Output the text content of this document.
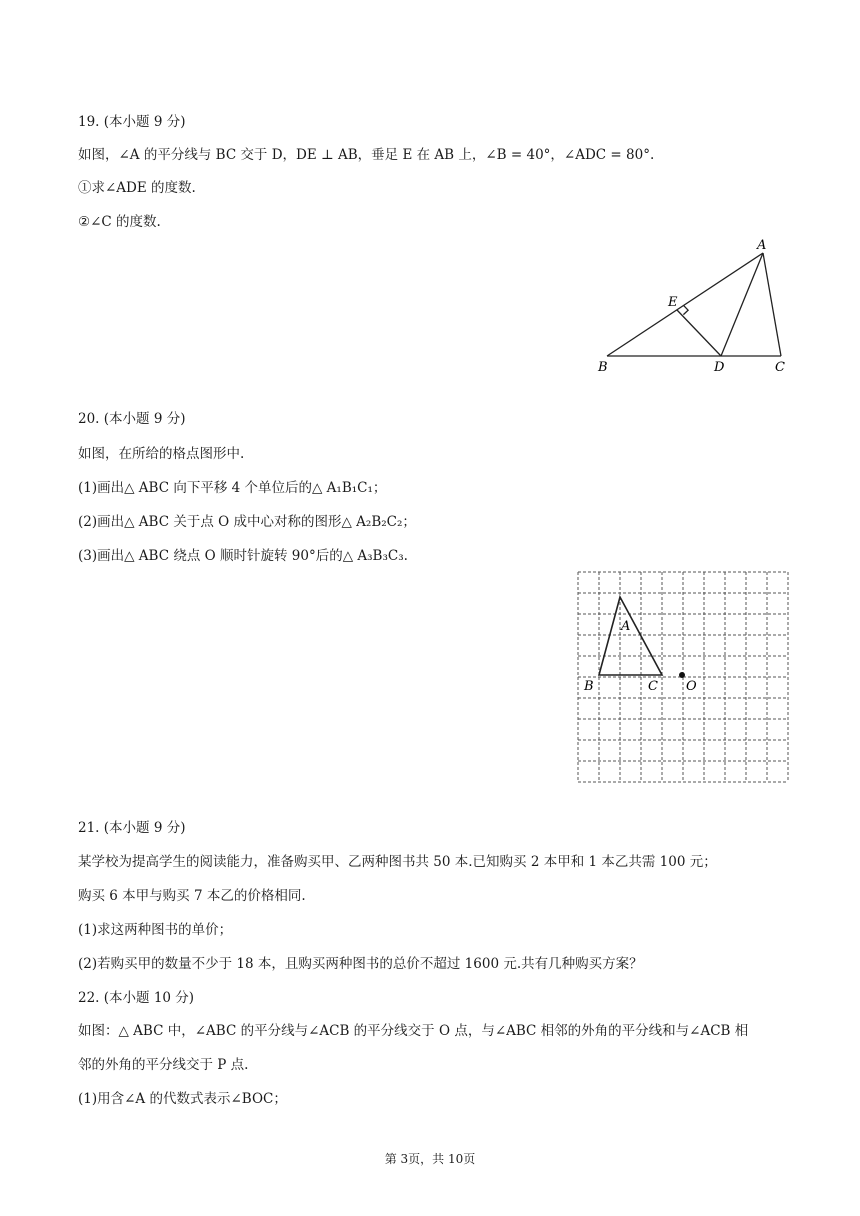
19. (本小题 9 分)
如图，∠A 的平分线与 BC 交于 D，DE ⊥ AB，垂足 E 在 AB 上，∠B = 40°，∠ADC = 80°.
①求∠ADE 的度数.
②∠C 的度数.
A
E
B	D	C
20. (本小题 9 分)
如图，在所给的格点图形中.
(1)画出△ ABC 向下平移 4 个单位后的△ A₁B₁C₁；
(2)画出△ ABC 关于点 O 成中心对称的图形△ A₂B₂C₂；
(3)画出△ ABC 绕点 O 顺时针旋转 90°后的△ A₃B₃C₃.
A
B	C O
21. (本小题 9 分)
某学校为提高学生的阅读能力，准备购买甲、乙两种图书共 50 本.已知购买 2 本甲和 1 本乙共需 100 元；
购买 6 本甲与购买 7 本乙的价格相同.
(1)求这两种图书的单价；
(2)若购买甲的数量不少于 18 本，且购买两种图书的总价不超过 1600 元.共有几种购买方案？
22. (本小题 10 分)
如图：△ ABC 中，∠ABC 的平分线与∠ACB 的平分线交于 O 点，与∠ABC 相邻的外角的平分线和与∠ACB 相
邻的外角的平分线交于 P 点.
(1)用含∠A 的代数式表示∠BOC；
第 3页，共 10页
